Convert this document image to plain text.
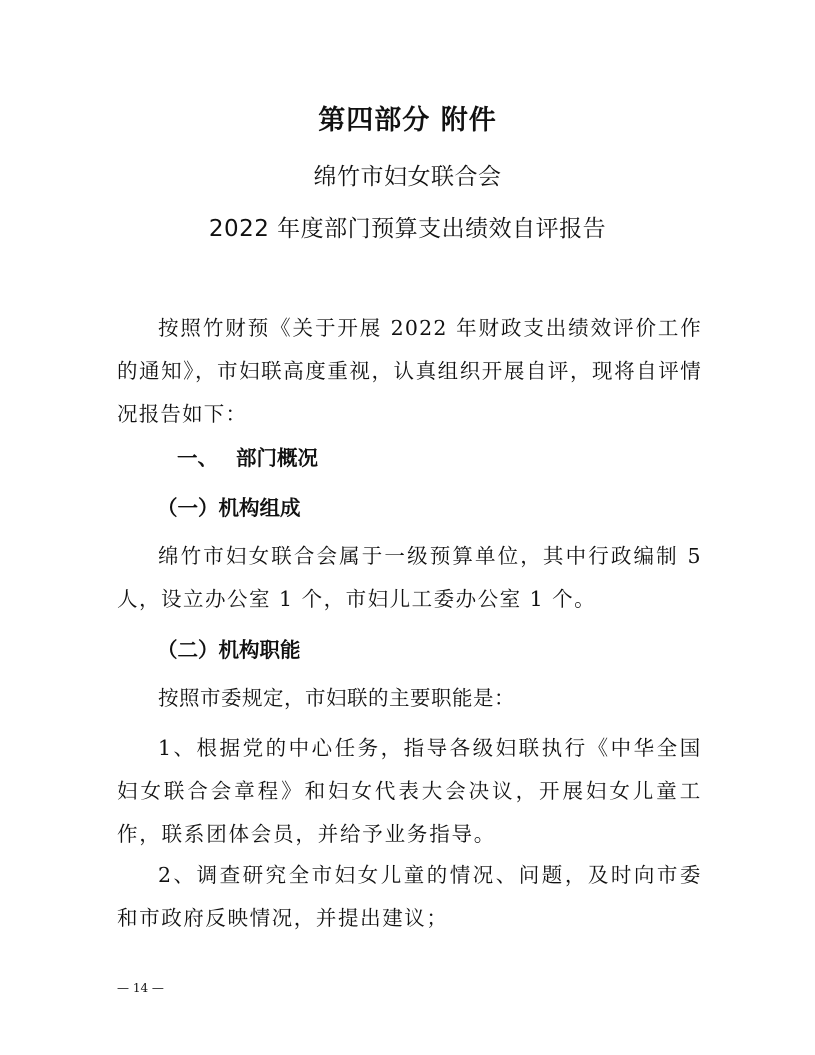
第四部分 附件
绵竹市妇女联合会
2022 年度部门预算支出绩效自评报告

按照竹财预《关于开展 2022 年财政支出绩效评价工作的通知》，市妇联高度重视，认真组织开展自评，现将自评情况报告如下：

一、 部门概况
（一）机构组成

绵竹市妇女联合会属于一级预算单位，其中行政编制 5 人，设立办公室 1 个，市妇儿工委办公室 1 个。

（二）机构职能

按照市委规定，市妇联的主要职能是：

1、根据党的中心任务，指导各级妇联执行《中华全国妇女联合会章程》和妇女代表大会决议，开展妇女儿童工作，联系团体会员，并给予业务指导。

2、调查研究全市妇女儿童的情况、问题，及时向市委和市政府反映情况，并提出建议；

— 14 —
